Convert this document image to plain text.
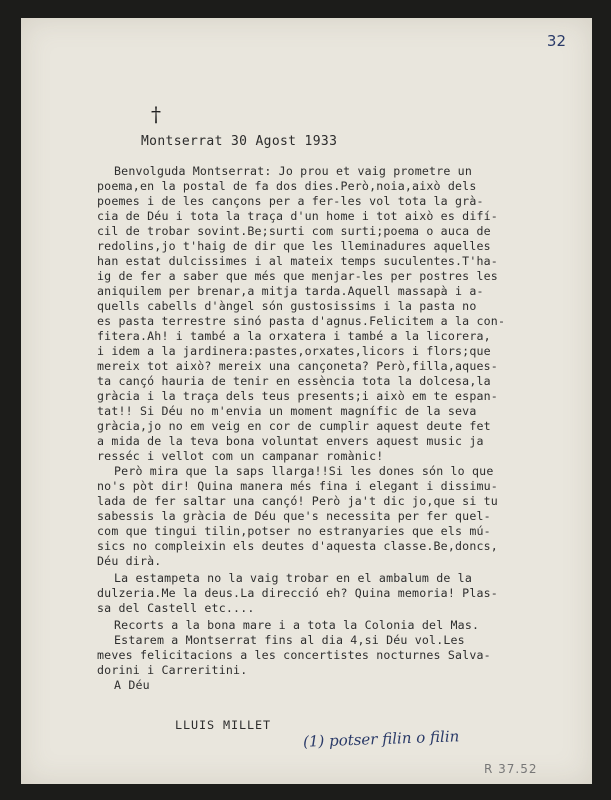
32
†
Montserrat 30 Agost 1933
Benvolguda Montserrat: Jo prou et vaig prometre un
poema,en la postal de fa dos dies.Però,noia,això dels
poemes i de les cançons per a fer-les vol tota la grà-
cia de Déu i tota la traça d'un home i tot això es difí-
cil de trobar sovint.Be;surti com surti;poema o auca de
redolins,jo t'haig de dir que les lleminadures aquelles
han estat dulcissimes i al mateix temps suculentes.T'ha-
ig de fer a saber que més que menjar-les per postres les
aniquilem per brenar,a mitja tarda.Aquell massapà i a-
quells cabells d'àngel són gustosissims i la pasta no
es pasta terrestre sinó pasta d'agnus.Felicitem a la con-
fitera.Ah! i també a la orxatera i també a la licorera,
i idem a la jardinera:pastes,orxates,licors i flors;que
mereix tot això? mereix una cançoneta? Però,filla,aques-
ta cançó hauria de tenir en essència tota la dolcesa,la
gràcia i la traça dels teus presents;i això em te espan-
tat!! Si Déu no m'envia un moment magnífic de la seva
gràcia,jo no em veig en cor de cumplir aquest deute fet
a mida de la teva bona voluntat envers aquest music ja
resséc i vellot com un campanar romànic!
Però mira que la saps llarga!!Si les dones són lo que
no's pòt dir! Quina manera més fina i elegant i dissimu-
lada de fer saltar una cançó! Però ja't dic jo,que si tu
sabessis la gràcia de Déu que's necessita per fer quel-
com que tingui tilin,potser no estranyaries que els mú-
sics no compleixin els deutes d'aquesta classe.Be,doncs,
Déu dirà.
La estampeta no la vaig trobar en el ambalum de la
dulzeria.Me la deus.La direcció eh? Quina memoria! Plas-
sa del Castell etc....
Recorts a la bona mare i a tota la Colonia del Mas.
Estarem a Montserrat fins al dia 4,si Déu vol.Les
meves felicitacions a les concertistes nocturnes Salva-
dorini i Carreritini.
A Déu
LLUIS MILLET
(1) potser filin o filin
R 37.52
